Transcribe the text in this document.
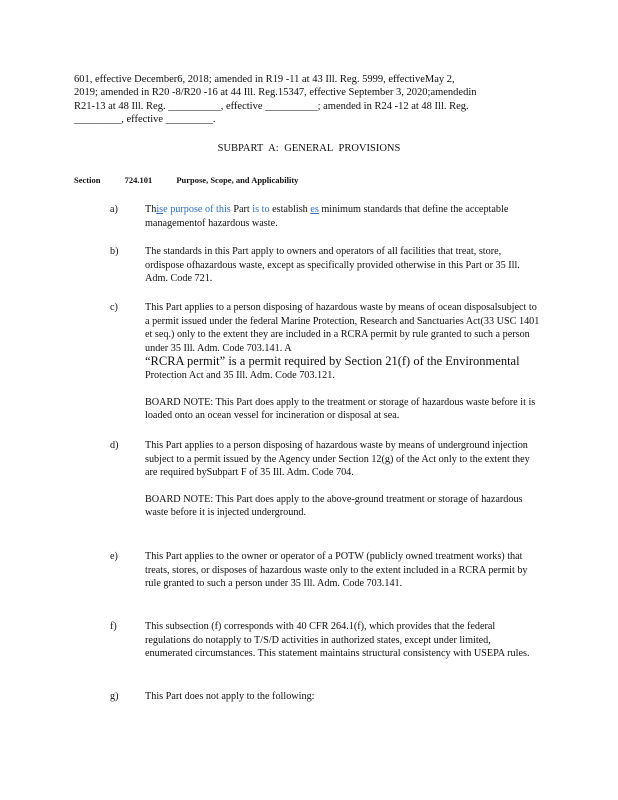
601, effective December6, 2018; amended in R19 -11 at 43 Ill. Reg. 5999, effectiveMay 2,

2019; amended in R20 -8/R20 -16 at 44 Ill. Reg.15347, effective September 3, 2020;amendedin

R21-13 at 48 Ill. Reg. __________, effective __________; amended in R24 -12 at 48 Ill. Reg.

_________, effective _________.

SUBPART A: GENERAL PROVISIONS
Section	724.101	Purpose, Scope, and Applicability
a)	Thise purpose of this Part is to establish es minimum standards that define the acceptable managementof hazardous waste.

b)	The standards in this Part apply to owners and operators of all facilities that treat, store, ordispose ofhazardous waste, except as specifically provided otherwise in this Part or 35 Ill. Adm. Code 721.

c)	This Part applies to a person disposing of hazardous waste by means of ocean disposalsubject to a permit issued under the federal Marine Protection, Research and Sanctuaries Act(33 USC 1401 et seq.) only to the extent they are included in a RCRA permit by rule granted to such a person under 35 Ill. Adm. Code 703.141. A

“RCRA permit” is a permit required by Section 21(f) of the Environmental

Protection Act and 35 Ill. Adm. Code 703.121.

BOARD NOTE: This Part does apply to the treatment or storage of hazardous waste before it is loaded onto an ocean vessel for incineration or disposal at sea.

d)	This Part applies to a person disposing of hazardous waste by means of underground injection subject to a permit issued by the Agency under Section 12(g) of the Act only to the extent they are required bySubpart F of 35 Ill. Adm. Code 704.

BOARD NOTE: This Part does apply to the above-ground treatment or storage of hazardous waste before it is injected underground.

e)	This Part applies to the owner or operator of a POTW (publicly owned treatment works) that treats, stores, or disposes of hazardous waste only to the extent included in a RCRA permit by rule granted to such a person under 35 Ill. Adm. Code 703.141.

f)	This subsection (f) corresponds with 40 CFR 264.1(f), which provides that the federal regulations do notapply to T/S/D activities in authorized states, except under limited, enumerated circumstances. This statement maintains structural consistency with USEPA rules.

g)	This Part does not apply to the following:
